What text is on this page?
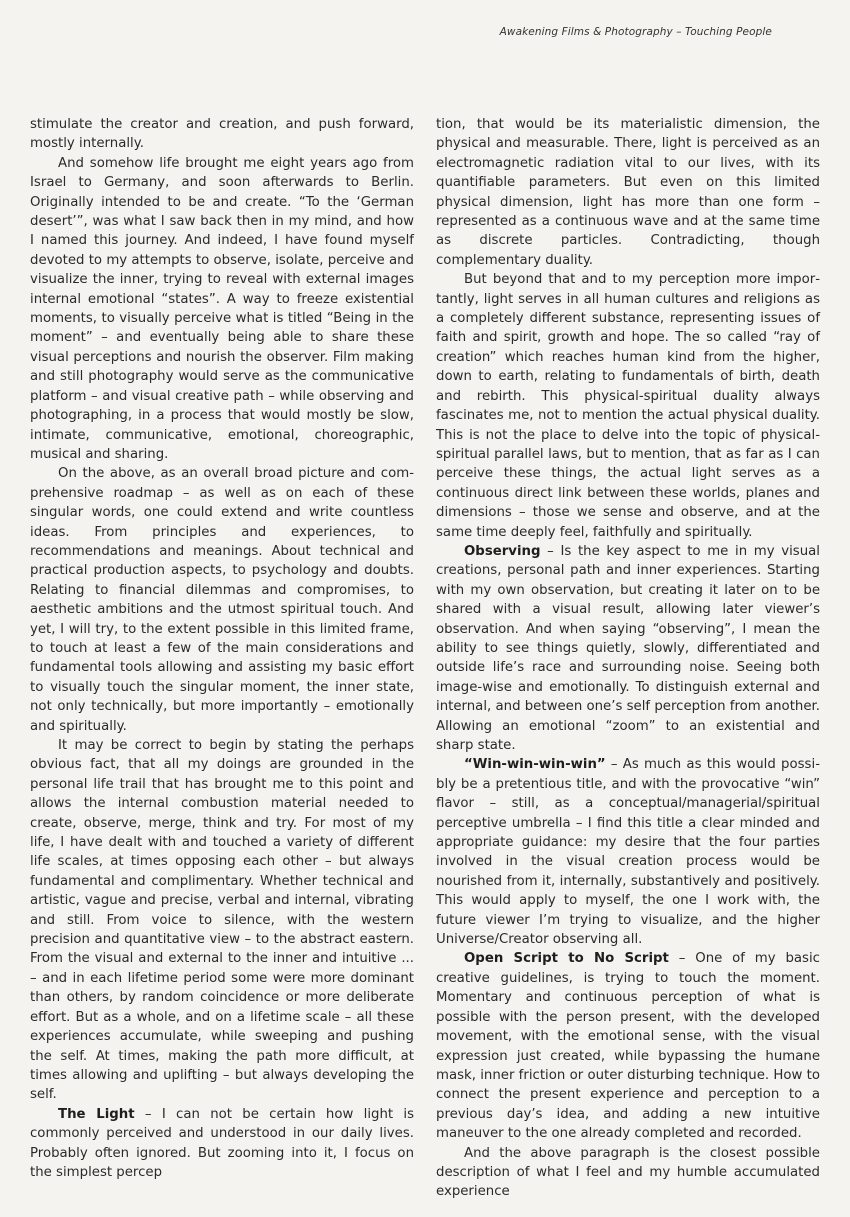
Awakening Films & Photography – Touching People

stimulate the creator and creation, and push forward, mostly internally.

And somehow life brought me eight years ago from Israel to Germany, and soon afterwards to Berlin. Originally intended to be and create. “To the ‘German desert’”, was what I saw back then in my mind, and how I named this journey. And indeed, I have found myself devoted to my attempts to observe, isolate, perceive and visualize the inner, trying to reveal with external images internal emotional “states”. A way to freeze existential moments, to visually perceive what is titled “Being in the moment” – and eventually being able to share these visual perceptions and nourish the observer. Film making and still photography would serve as the communicative platform – and visual creative path – while observing and photographing, in a process that would mostly be slow, intimate, communicative, emotional, choreographic, musical and sharing.

On the above, as an overall broad picture and comprehensive roadmap – as well as on each of these singular words, one could extend and write countless ideas. From principles and experiences, to recommendations and meanings. About technical and practical production aspects, to psychology and doubts. Relating to financial dilemmas and compromises, to aesthetic ambitions and the utmost spiritual touch. And yet, I will try, to the extent possible in this limited frame, to touch at least a few of the main considerations and fundamental tools allowing and assisting my basic effort to visually touch the singular moment, the inner state, not only technically, but more importantly – emotionally and spiritually.

It may be correct to begin by stating the perhaps obvious fact, that all my doings are grounded in the personal life trail that has brought me to this point and allows the internal combustion material needed to create, observe, merge, think and try. For most of my life, I have dealt with and touched a variety of different life scales, at times opposing each other – but always fundamental and complimentary. Whether technical and artistic, vague and precise, verbal and internal, vibrating and still. From voice to silence, with the western precision and quantitative view – to the abstract eastern. From the visual and external to the inner and intuitive ... – and in each lifetime period some were more dominant than others, by random coincidence or more deliberate effort. But as a whole, and on a lifetime scale – all these experiences accumulate, while sweeping and pushing the self. At times, making the path more difficult, at times allowing and uplifting – but always developing the self.

The Light – I can not be certain how light is commonly perceived and understood in our daily lives. Probably often ignored. But zooming into it, I focus on the simplest percep

tion, that would be its materialistic dimension, the physical and measurable. There, light is perceived as an electromagnetic radiation vital to our lives, with its quantifiable parameters. But even on this limited physical dimension, light has more than one form – represented as a continuous wave and at the same time as discrete particles. Contradicting, though complementary duality.

But beyond that and to my perception more importantly, light serves in all human cultures and religions as a completely different substance, representing issues of faith and spirit, growth and hope. The so called “ray of creation” which reaches human kind from the higher, down to earth, relating to fundamentals of birth, death and rebirth. This physical-spiritual duality always fascinates me, not to mention the actual physical duality. This is not the place to delve into the topic of physical-spiritual parallel laws, but to mention, that as far as I can perceive these things, the actual light serves as a continuous direct link between these worlds, planes and dimensions – those we sense and observe, and at the same time deeply feel, faithfully and spiritually.

Observing – Is the key aspect to me in my visual creations, personal path and inner experiences. Starting with my own observation, but creating it later on to be shared with a visual result, allowing later viewer’s observation. And when saying “observing”, I mean the ability to see things quietly, slowly, differentiated and outside life’s race and surrounding noise. Seeing both image-wise and emotionally. To distinguish external and internal, and between one’s self perception from another. Allowing an emotional “zoom” to an existential and sharp state.

“Win-win-win-win” – As much as this would possibly be a pretentious title, and with the provocative “win” flavor – still, as a conceptual/managerial/spiritual perceptive umbrella – I find this title a clear minded and appropriate guidance: my desire that the four parties involved in the visual creation process would be nourished from it, internally, substantively and positively. This would apply to myself, the one I work with, the future viewer I’m trying to visualize, and the higher Universe/Creator observing all.

Open Script to No Script – One of my basic creative guidelines, is trying to touch the moment. Momentary and continuous perception of what is possible with the person present, with the developed movement, with the emotional sense, with the visual expression just created, while bypassing the humane mask, inner friction or outer disturbing technique. How to connect the present experience and perception to a previous day’s idea, and adding a new intuitive maneuver to the one already completed and recorded.

And the above paragraph is the closest possible description of what I feel and my humble accumulated experience
